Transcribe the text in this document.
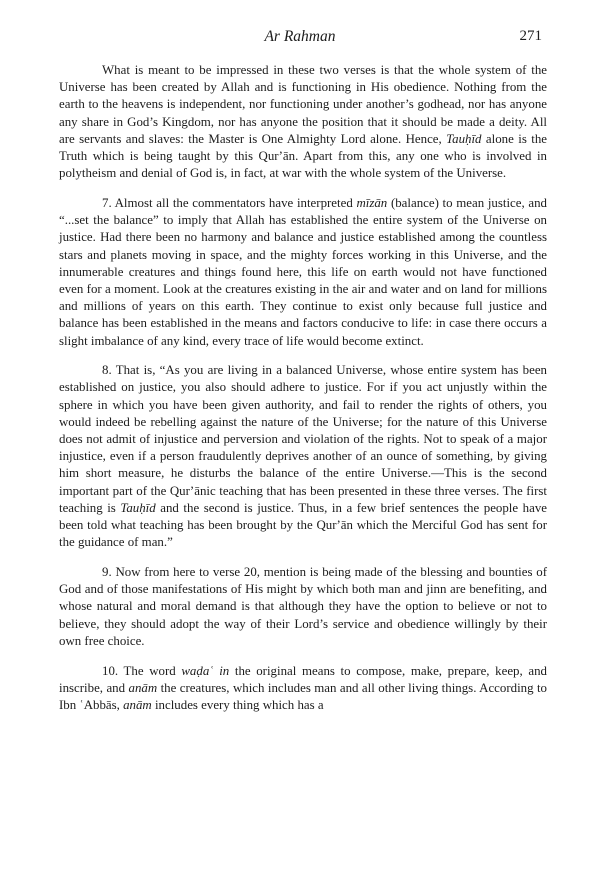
Ar Rahman	271

What is meant to be impressed in these two verses is that the whole system of the Universe has been created by Allah and is functioning in His obedience. Nothing from the earth to the heavens is independent, nor functioning under another’s godhead, nor has anyone any share in God’s Kingdom, nor has anyone the position that it should be made a deity. All are servants and slaves: the Master is One Almighty Lord alone. Hence, Tauḥīd alone is the Truth which is being taught by this Qurʼān. Apart from this, any one who is involved in polytheism and denial of God is, in fact, at war with the whole system of the Universe.

7. Almost all the commentators have interpreted mīzān (balance) to mean justice, and “...set the balance” to imply that Allah has established the entire system of the Universe on justice. Had there been no harmony and balance and justice established among the countless stars and planets moving in space, and the mighty forces working in this Universe, and the innumerable creatures and things found here, this life on earth would not have functioned even for a moment. Look at the creatures existing in the air and water and on land for millions and millions of years on this earth. They continue to exist only because full justice and balance has been established in the means and factors conducive to life: in case there occurs a slight imbalance of any kind, every trace of life would become extinct.

8. That is, “As you are living in a balanced Universe, whose entire system has been established on justice, you also should adhere to justice. For if you act unjustly within the sphere in which you have been given authority, and fail to render the rights of others, you would indeed be rebelling against the nature of the Universe; for the nature of this Universe does not admit of injustice and perversion and violation of the rights. Not to speak of a major injustice, even if a person fraudulently deprives another of an ounce of something, by giving him short measure, he disturbs the balance of the entire Universe.—This is the second important part of the Qurʼānic teaching that has been presented in these three verses. The first teaching is Tauḥīd and the second is justice. Thus, in a few brief sentences the people have been told what teaching has been brought by the Qurʼān which the Merciful God has sent for the guidance of man.”

9. Now from here to verse 20, mention is being made of the blessing and bounties of God and of those manifestations of His might by which both man and jinn are benefiting, and whose natural and moral demand is that although they have the option to believe or not to believe, they should adopt the way of their Lord’s service and obedience willingly by their own free choice.

10. The word waḍaʿ in the original means to compose, make, prepare, keep, and inscribe, and anām the creatures, which includes man and all other living things. According to Ibn ʿAbbās, anām includes every thing which has a
